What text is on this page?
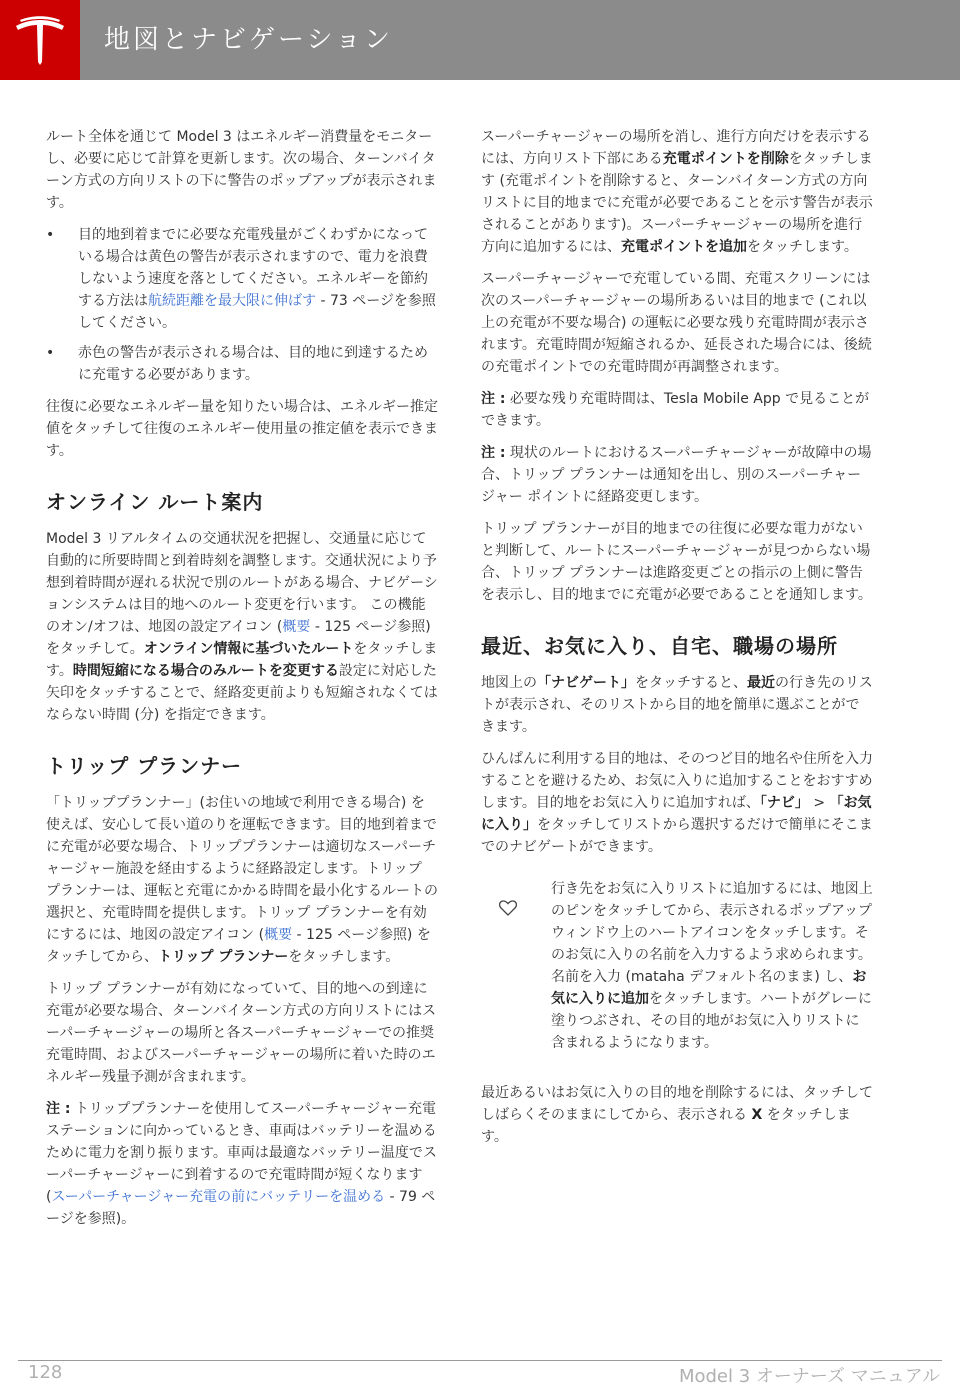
地図とナビゲーション

ルート全体を通じて Model 3 はエネルギー消費量をモニターし、必要に応じて計算を更新します。次の場合、ターンバイターン方式の方向リストの下に警告のポップアップが表示されます。

• 目的地到着までに必要な充電残量がごくわずかになっている場合は黄色の警告が表示されますので、電力を浪費しないよう速度を落としてください。エネルギーを節約する方法は航続距離を最大限に伸ばす - 73 ページを参照してください。
• 赤色の警告が表示される場合は、目的地に到達するために充電する必要があります。

往復に必要なエネルギー量を知りたい場合は、エネルギー推定値をタッチして往復のエネルギー使用量の推定値を表示できます。

オンライン ルート案内

Model 3 リアルタイムの交通状況を把握し、交通量に応じて自動的に所要時間と到着時刻を調整します。交通状況により予想到着時間が遅れる状況で別のルートがある場合、ナビゲーションシステムは目的地へのルート変更を行います。 この機能のオン/オフは、地図の設定アイコン (概要 - 125 ページ参照) をタッチして。オンライン情報に基づいたルートをタッチします。時間短縮になる場合のみルートを変更する設定に対応した矢印をタッチすることで、経路変更前よりも短縮されなくてはならない時間 (分) を指定できます。

トリップ プランナー

「トリッププランナー」(お住いの地域で利用できる場合) を使えば、安心して長い道のりを運転できます。目的地到着までに充電が必要な場合、トリッププランナーは適切なスーパーチャージャー施設を経由するように経路設定します。トリップ プランナーは、運転と充電にかかる時間を最小化するルートの選択と、充電時間を提供します。トリップ プランナーを有効にするには、地図の設定アイコン (概要 - 125 ページ参照) をタッチしてから、トリップ プランナーをタッチします。

トリップ プランナーが有効になっていて、目的地への到達に充電が必要な場合、ターンバイターン方式の方向リストにはスーパーチャージャーの場所と各スーパーチャージャーでの推奨充電時間、およびスーパーチャージャーの場所に着いた時のエネルギー残量予測が含まれます。

注 : トリッププランナーを使用してスーパーチャージャー充電ステーションに向かっているとき、車両はバッテリーを温めるために電力を割り振ります。車両は最適なバッテリー温度でスーパーチャージャーに到着するので充電時間が短くなります (スーパーチャージャー充電の前にバッテリーを温める - 79 ページを参照)。

スーパーチャージャーの場所を消し、進行方向だけを表示するには、方向リスト下部にある充電ポイントを削除をタッチします (充電ポイントを削除すると、ターンバイターン方式の方向リストに目的地までに充電が必要であることを示す警告が表示されることがあります)。スーパーチャージャーの場所を進行方向に追加するには、充電ポイントを追加をタッチします。

スーパーチャージャーで充電している間、充電スクリーンには次のスーパーチャージャーの場所あるいは目的地まで (これ以上の充電が不要な場合) の運転に必要な残り充電時間が表示されます。充電時間が短縮されるか、延長された場合には、後続の充電ポイントでの充電時間が再調整されます。

注 : 必要な残り充電時間は、Tesla Mobile App で見ることができます。

注 : 現状のルートにおけるスーパーチャージャーが故障中の場合、トリップ プランナーは通知を出し、別のスーパーチャージャー ポイントに経路変更します。

トリップ プランナーが目的地までの往復に必要な電力がないと判断して、ルートにスーパーチャージャーが見つからない場合、トリップ プランナーは進路変更ごとの指示の上側に警告を表示し、目的地までに充電が必要であることを通知します。

最近、お気に入り、自宅、職場の場所

地図上の「ナビゲート」をタッチすると、最近の行き先のリストが表示され、そのリストから目的地を簡単に選ぶことができます。

ひんぱんに利用する目的地は、そのつど目的地名や住所を入力することを避けるため、お気に入りに追加することをおすすめします。目的地をお気に入りに追加すれば、「ナビ」 > 「お気に入り」をタッチしてリストから選択するだけで簡単にそこまでのナビゲートができます。

行き先をお気に入りリストに追加するには、地図上のピンをタッチしてから、表示されるポップアップウィンドウ上のハートアイコンをタッチします。そのお気に入りの名前を入力するよう求められます。名前を入力 (mataha デフォルト名のまま) し、お気に入りに追加をタッチします。ハートがグレーに塗りつぶされ、その目的地がお気に入りリストに含まれるようになります。

最近あるいはお気に入りの目的地を削除するには、タッチしてしばらくそのままにしてから、表示される X をタッチします。

128	Model 3 オーナーズ マニュアル
